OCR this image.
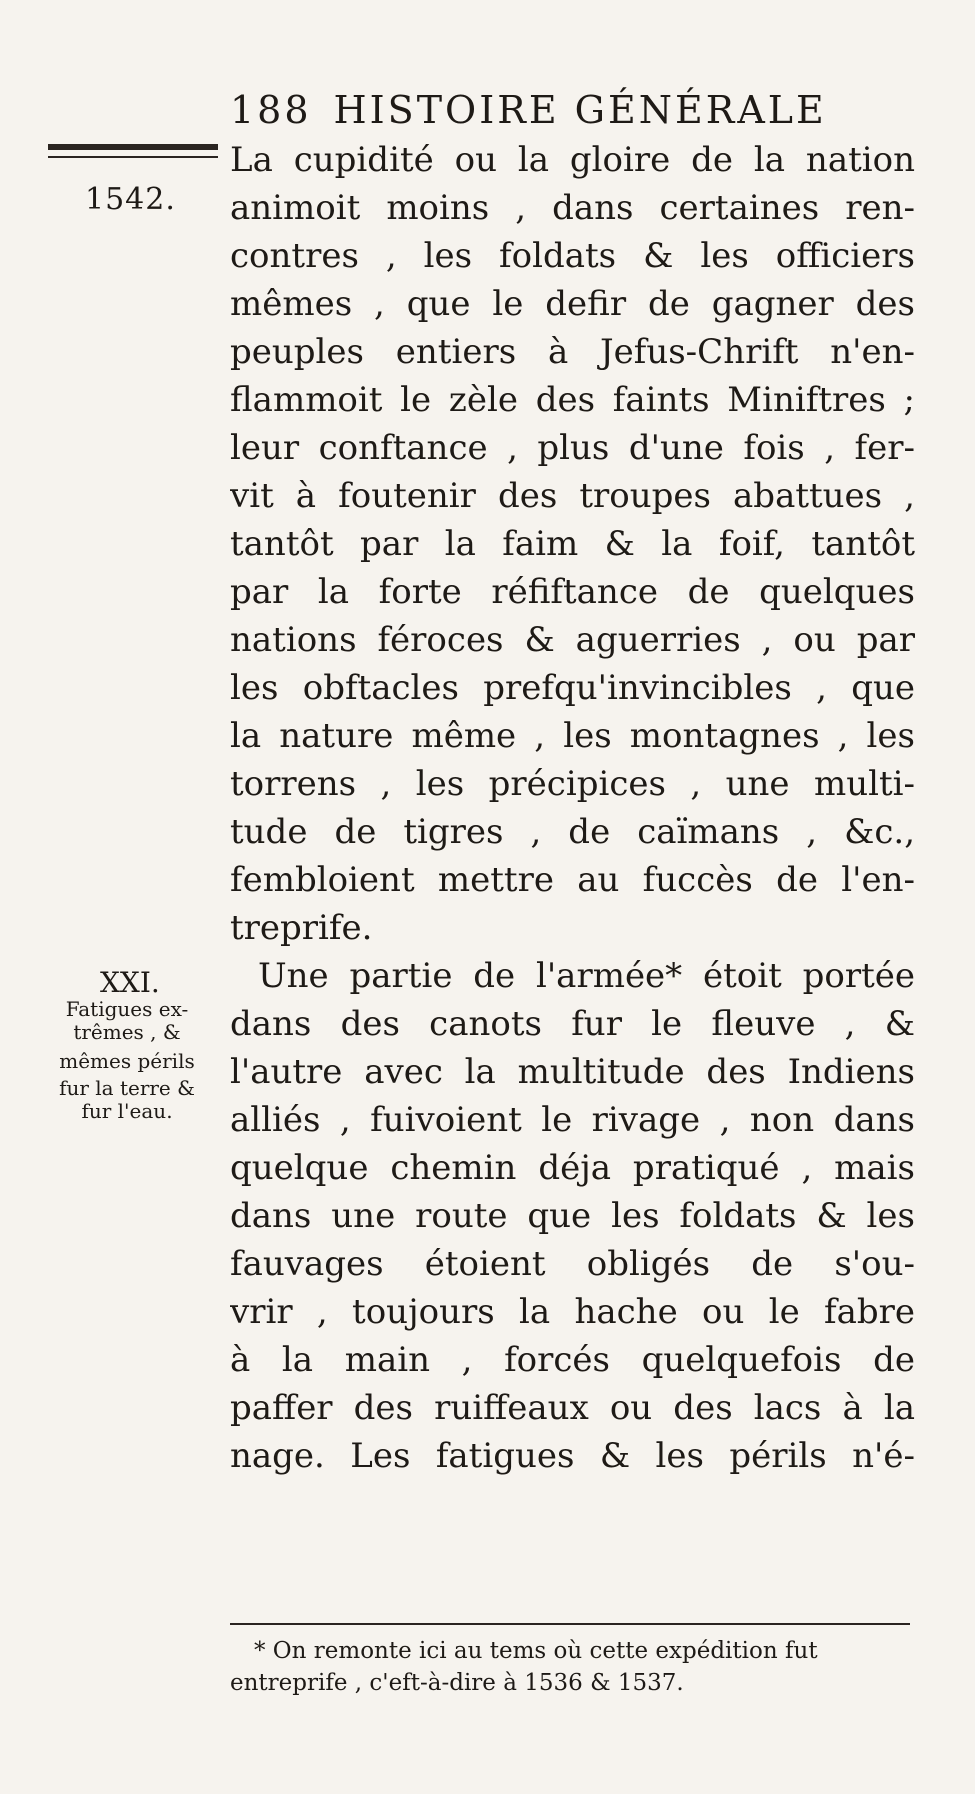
188 HISTOIRE GÉNÉRALE
1542.
La cupidité ou la gloire de la nation
animoit moins , dans certaines ren-
contres , les foldats & les officiers
mêmes , que le defir de gagner des
peuples entiers à Jefus-Chrift n'en-
flammoit le zèle des faints Miniftres ;
leur conftance , plus d'une fois , fer-
vit à foutenir des troupes abattues ,
tantôt par la faim & la foif, tantôt
par la forte réfiftance de quelques
nations féroces & aguerries , ou par
les obftacles prefqu'invincibles , que
la nature même , les montagnes , les
torrens , les précipices , une multi-
tude de tigres , de caïmans , &c.,
fembloient mettre au fuccès de l'en-
treprife.
Une partie de l'armée* étoit portée
dans des canots fur le fleuve , &
l'autre avec la multitude des Indiens
alliés , fuivoient le rivage , non dans
quelque chemin déja pratiqué , mais
dans une route que les foldats & les
fauvages étoient obligés de s'ou-
vrir , toujours la hache ou le fabre
à la main , forcés quelquefois de
paffer des ruiffeaux ou des lacs à la
nage. Les fatigues & les périls n'é-
XXI.
Fatigues ex-
trêmes , &
mêmes périls
fur la terre &
fur l'eau.
* On remonte ici au tems où cette expédition fut
entreprife , c'eft-à-dire à 1536 & 1537.
